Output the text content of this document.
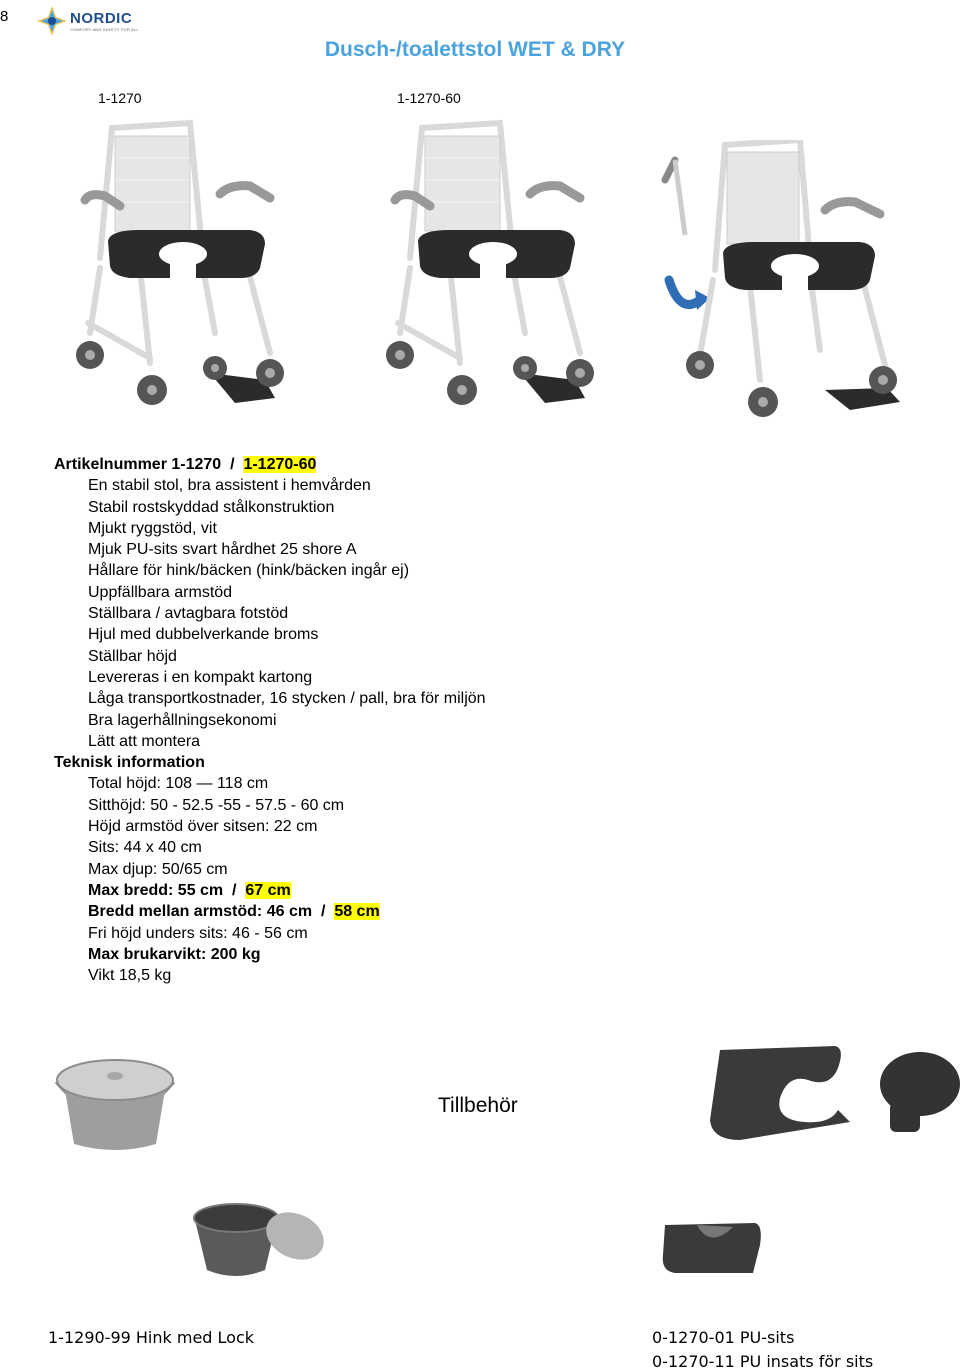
8	NORDIC
COMFORT AND SAFETY FOR ALL
Dusch-/toalettstol WET & DRY
1-1270	1-1270-60
Artikelnummer 1-1270 / 1-1270-60
En stabil stol, bra assistent i hemvården
Stabil rostskyddad stålkonstruktion
Mjukt ryggstöd, vit
Mjuk PU-sits svart hårdhet 25 shore A
Hållare för hink/bäcken (hink/bäcken ingår ej)
Uppfällbara armstöd
Ställbara / avtagbara fotstöd
Hjul med dubbelverkande broms
Ställbar höjd
Levereras i en kompakt kartong
Låga transportkostnader, 16 stycken / pall, bra för miljön
Bra lagerhållningsekonomi
Lätt att montera
Teknisk information
Total höjd: 108 — 118 cm
Sitthöjd: 50 - 52.5 -55 - 57.5 - 60 cm
Höjd armstöd över sitsen: 22 cm
Sits: 44 x 40 cm
Max djup: 50/65 cm
Max bredd: 55 cm / 67 cm
Bredd mellan armstöd: 46 cm / 58 cm
Fri höjd unders sits: 46 - 56 cm
Max brukarvikt: 200 kg
Vikt 18,5 kg
Tillbehör
1-1290-99 Hink med Lock	0-1270-01 PU-sits
0-1270-11 PU insats för sits
